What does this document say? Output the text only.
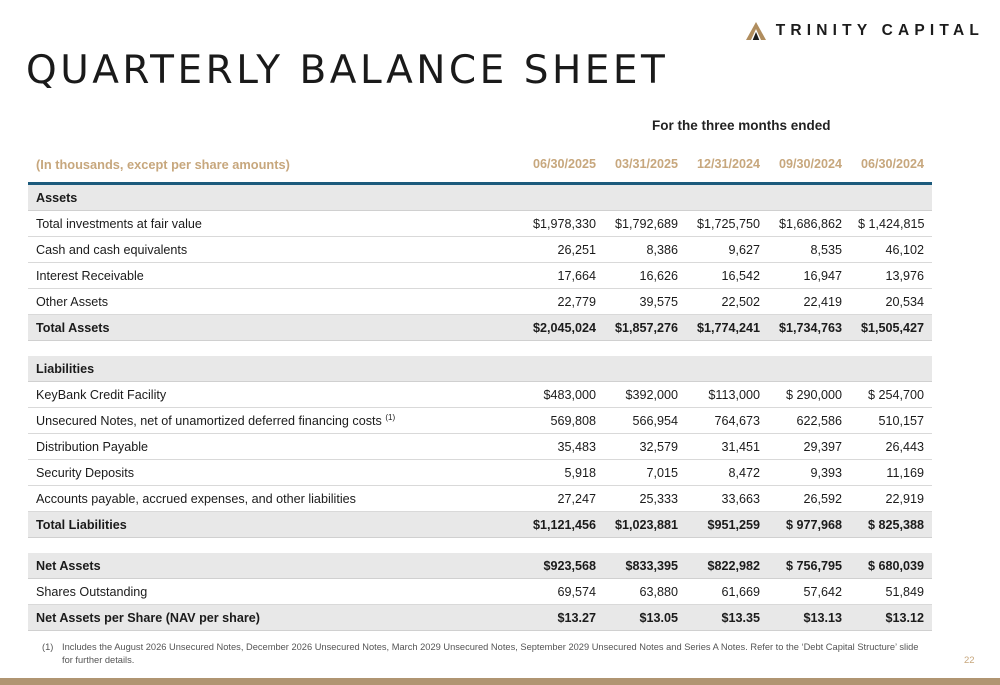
TRINITY CAPITAL
QUARTERLY BALANCE SHEET
For the three months ended
(In thousands, except per share amounts)	06/30/2025	03/31/2025	12/31/2024	09/30/2024	06/30/2024
Assets					
Total investments at fair value	$1,978,330	$1,792,689	$1,725,750	$1,686,862	$ 1,424,815
Cash and cash equivalents	26,251	8,386	9,627	8,535	46,102
Interest Receivable	17,664	16,626	16,542	16,947	13,976
Other Assets	22,779	39,575	22,502	22,419	20,534
Total Assets	$2,045,024	$1,857,276	$1,774,241	$1,734,763	$1,505,427

Liabilities					
KeyBank Credit Facility	$483,000	$392,000	$113,000	$ 290,000	$ 254,700
Unsecured Notes, net of unamortized deferred financing costs $^{(1)}$	569,808	566,954	764,673	622,586	510,157
Distribution Payable	35,483	32,579	31,451	29,397	26,443
Security Deposits	5,918	7,015	8,472	9,393	11,169
Accounts payable, accrued expenses, and other liabilities	27,247	25,333	33,663	26,592	22,919
Total Liabilities	$1,121,456	$1,023,881	$951,259	$ 977,968	$ 825,388

Net Assets	$923,568	$833,395	$822,982	$ 756,795	$ 680,039
Shares Outstanding	69,574	63,880	61,669	57,642	51,849
Net Assets per Share (NAV per share)	$13.27	$13.05	$13.35	$13.13	$13.12
(1) Includes the August 2026 Unsecured Notes, December 2026 Unsecured Notes, March 2029 Unsecured Notes, September 2029 Unsecured Notes and Series A Notes. Refer to the ‘Debt Capital Structure’ slide for further details.	22
